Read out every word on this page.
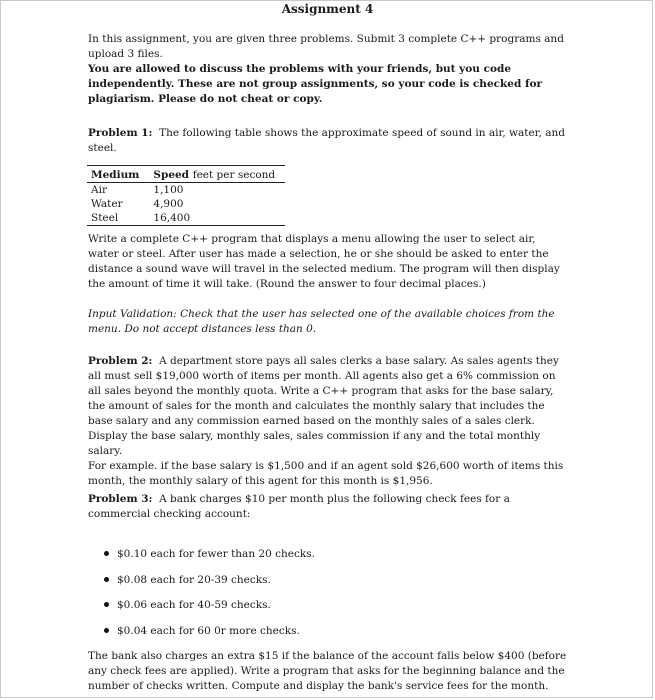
Assignment 4

In this assignment, you are given three problems. Submit 3 complete C++ programs and upload 3 files.

You are allowed to discuss the problems with your friends, but you code independently. These are not group assignments, so your code is checked for plagiarism. Please do not cheat or copy.

Problem 1: The following table shows the approximate speed of sound in air, water, and steel.

Medium	Speed feet per second
Air	1,100
Water	4,900
Steel	16,400

Write a complete C++ program that displays a menu allowing the user to select air, water or steel. After user has made a selection, he or she should be asked to enter the distance a sound wave will travel in the selected medium. The program will then display the amount of time it will take. (Round the answer to four decimal places.)

Input Validation: Check that the user has selected one of the available choices from the menu. Do not accept distances less than 0.

Problem 2: A department store pays all sales clerks a base salary. As sales agents they all must sell $19,000 worth of items per month. All agents also get a 6% commission on all sales beyond the monthly quota. Write a C++ program that asks for the base salary, the amount of sales for the month and calculates the monthly salary that includes the base salary and any commission earned based on the monthly sales of a sales clerk. Display the base salary, monthly sales, sales commission if any and the total monthly salary.

For example. if the base salary is $1,500 and if an agent sold $26,600 worth of items this month, the monthly salary of this agent for this month is $1,956.

Problem 3: A bank charges $10 per month plus the following check fees for a commercial checking account:

$0.10 each for fewer than 20 checks.
$0.08 each for 20-39 checks.
$0.06 each for 40-59 checks.
$0.04 each for 60 0r more checks.

The bank also charges an extra $15 if the balance of the account falls below $400 (before any check fees are applied). Write a program that asks for the beginning balance and the number of checks written. Compute and display the bank's service fees for the month.
